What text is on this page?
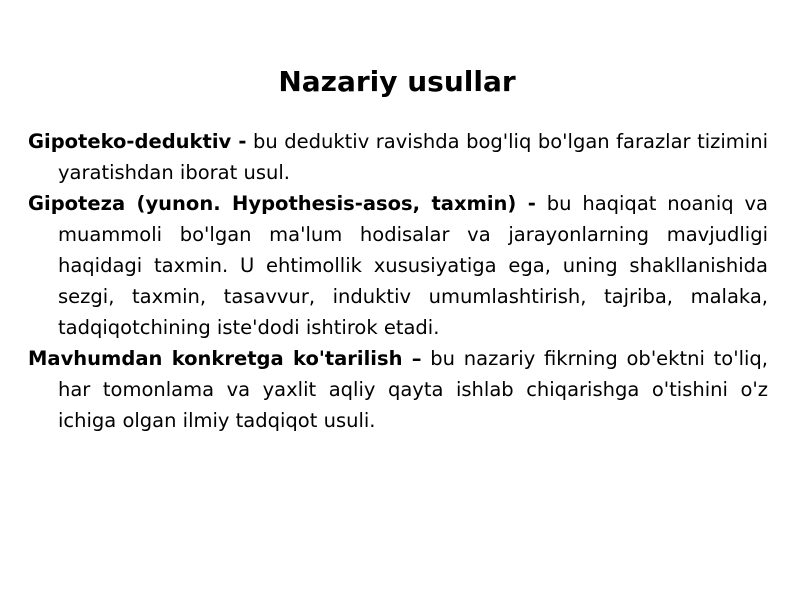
Nazariy usullar

Gipoteko-deduktiv - bu deduktiv ravishda bog'liq bo'lgan farazlar tizimini yaratishdan iborat usul.

Gipoteza (yunon. Hypothesis-asos, taxmin) - bu haqiqat noaniq va muammoli bo'lgan ma'lum hodisalar va jarayonlarning mavjudligi haqidagi taxmin. U ehtimollik xususiyatiga ega, uning shakllanishida sezgi, taxmin, tasavvur, induktiv umumlashtirish, tajriba, malaka, tadqiqotchining iste'dodi ishtirok etadi.

Mavhumdan konkretga ko'tarilish – bu nazariy fikrning ob'ektni to'liq, har tomonlama va yaxlit aqliy qayta ishlab chiqarishga o'tishini o'z ichiga olgan ilmiy tadqiqot usuli.
